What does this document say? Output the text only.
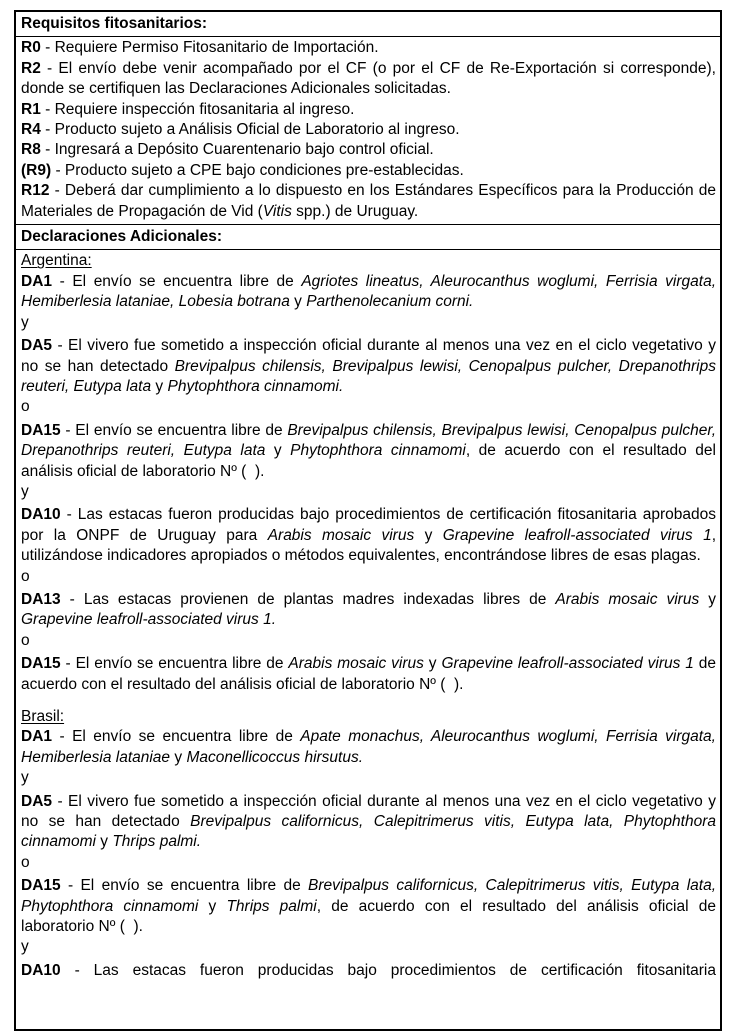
Requisitos fitosanitarios:
R0 - Requiere Permiso Fitosanitario de Importación.
R2 - El envío debe venir acompañado por el CF (o por el CF de Re-Exportación si corresponde), donde se certifiquen las Declaraciones Adicionales solicitadas.
R1 - Requiere inspección fitosanitaria al ingreso.
R4 - Producto sujeto a Análisis Oficial de Laboratorio al ingreso.
R8 - Ingresará a Depósito Cuarentenario bajo control oficial.
(R9) - Producto sujeto a CPE bajo condiciones pre-establecidas.
R12 - Deberá dar cumplimiento a lo dispuesto en los Estándares Específicos para la Producción de Materiales de Propagación de Vid (Vitis spp.) de Uruguay.
Declaraciones Adicionales:
Argentina:
DA1 - El envío se encuentra libre de Agriotes lineatus, Aleurocanthus woglumi, Ferrisia virgata, Hemiberlesia lataniae, Lobesia botrana y Parthenolecanium corni.
y
DA5 - El vivero fue sometido a inspección oficial durante al menos una vez en el ciclo vegetativo y no se han detectado Brevipalpus chilensis, Brevipalpus lewisi, Cenopalpus pulcher, Drepanothrips reuteri, Eutypa lata y Phytophthora cinnamomi.
o
DA15 - El envío se encuentra libre de Brevipalpus chilensis, Brevipalpus lewisi, Cenopalpus pulcher, Drepanothrips reuteri, Eutypa lata y Phytophthora cinnamomi, de acuerdo con el resultado del análisis oficial de laboratorio Nº (  ).
y
DA10 - Las estacas fueron producidas bajo procedimientos de certificación fitosanitaria aprobados por la ONPF de Uruguay para Arabis mosaic virus y Grapevine leafroll-associated virus 1, utilizándose indicadores apropiados o métodos equivalentes, encontrándose libres de esas plagas.
o
DA13 - Las estacas provienen de plantas madres indexadas libres de Arabis mosaic virus y Grapevine leafroll-associated virus 1.
o
DA15 - El envío se encuentra libre de Arabis mosaic virus y Grapevine leafroll-associated virus 1 de acuerdo con el resultado del análisis oficial de laboratorio Nº (  ).
Brasil:
DA1 - El envío se encuentra libre de Apate monachus, Aleurocanthus woglumi, Ferrisia virgata, Hemiberlesia lataniae y Maconellicoccus hirsutus.
y
DA5 - El vivero fue sometido a inspección oficial durante al menos una vez en el ciclo vegetativo y no se han detectado Brevipalpus californicus, Calepitrimerus vitis, Eutypa lata, Phytophthora cinnamomi y Thrips palmi.
o
DA15 - El envío se encuentra libre de Brevipalpus californicus, Calepitrimerus vitis, Eutypa lata, Phytophthora cinnamomi y Thrips palmi, de acuerdo con el resultado del análisis oficial de laboratorio Nº (  ).
y
DA10 - Las estacas fueron producidas bajo procedimientos de certificación fitosanitaria
